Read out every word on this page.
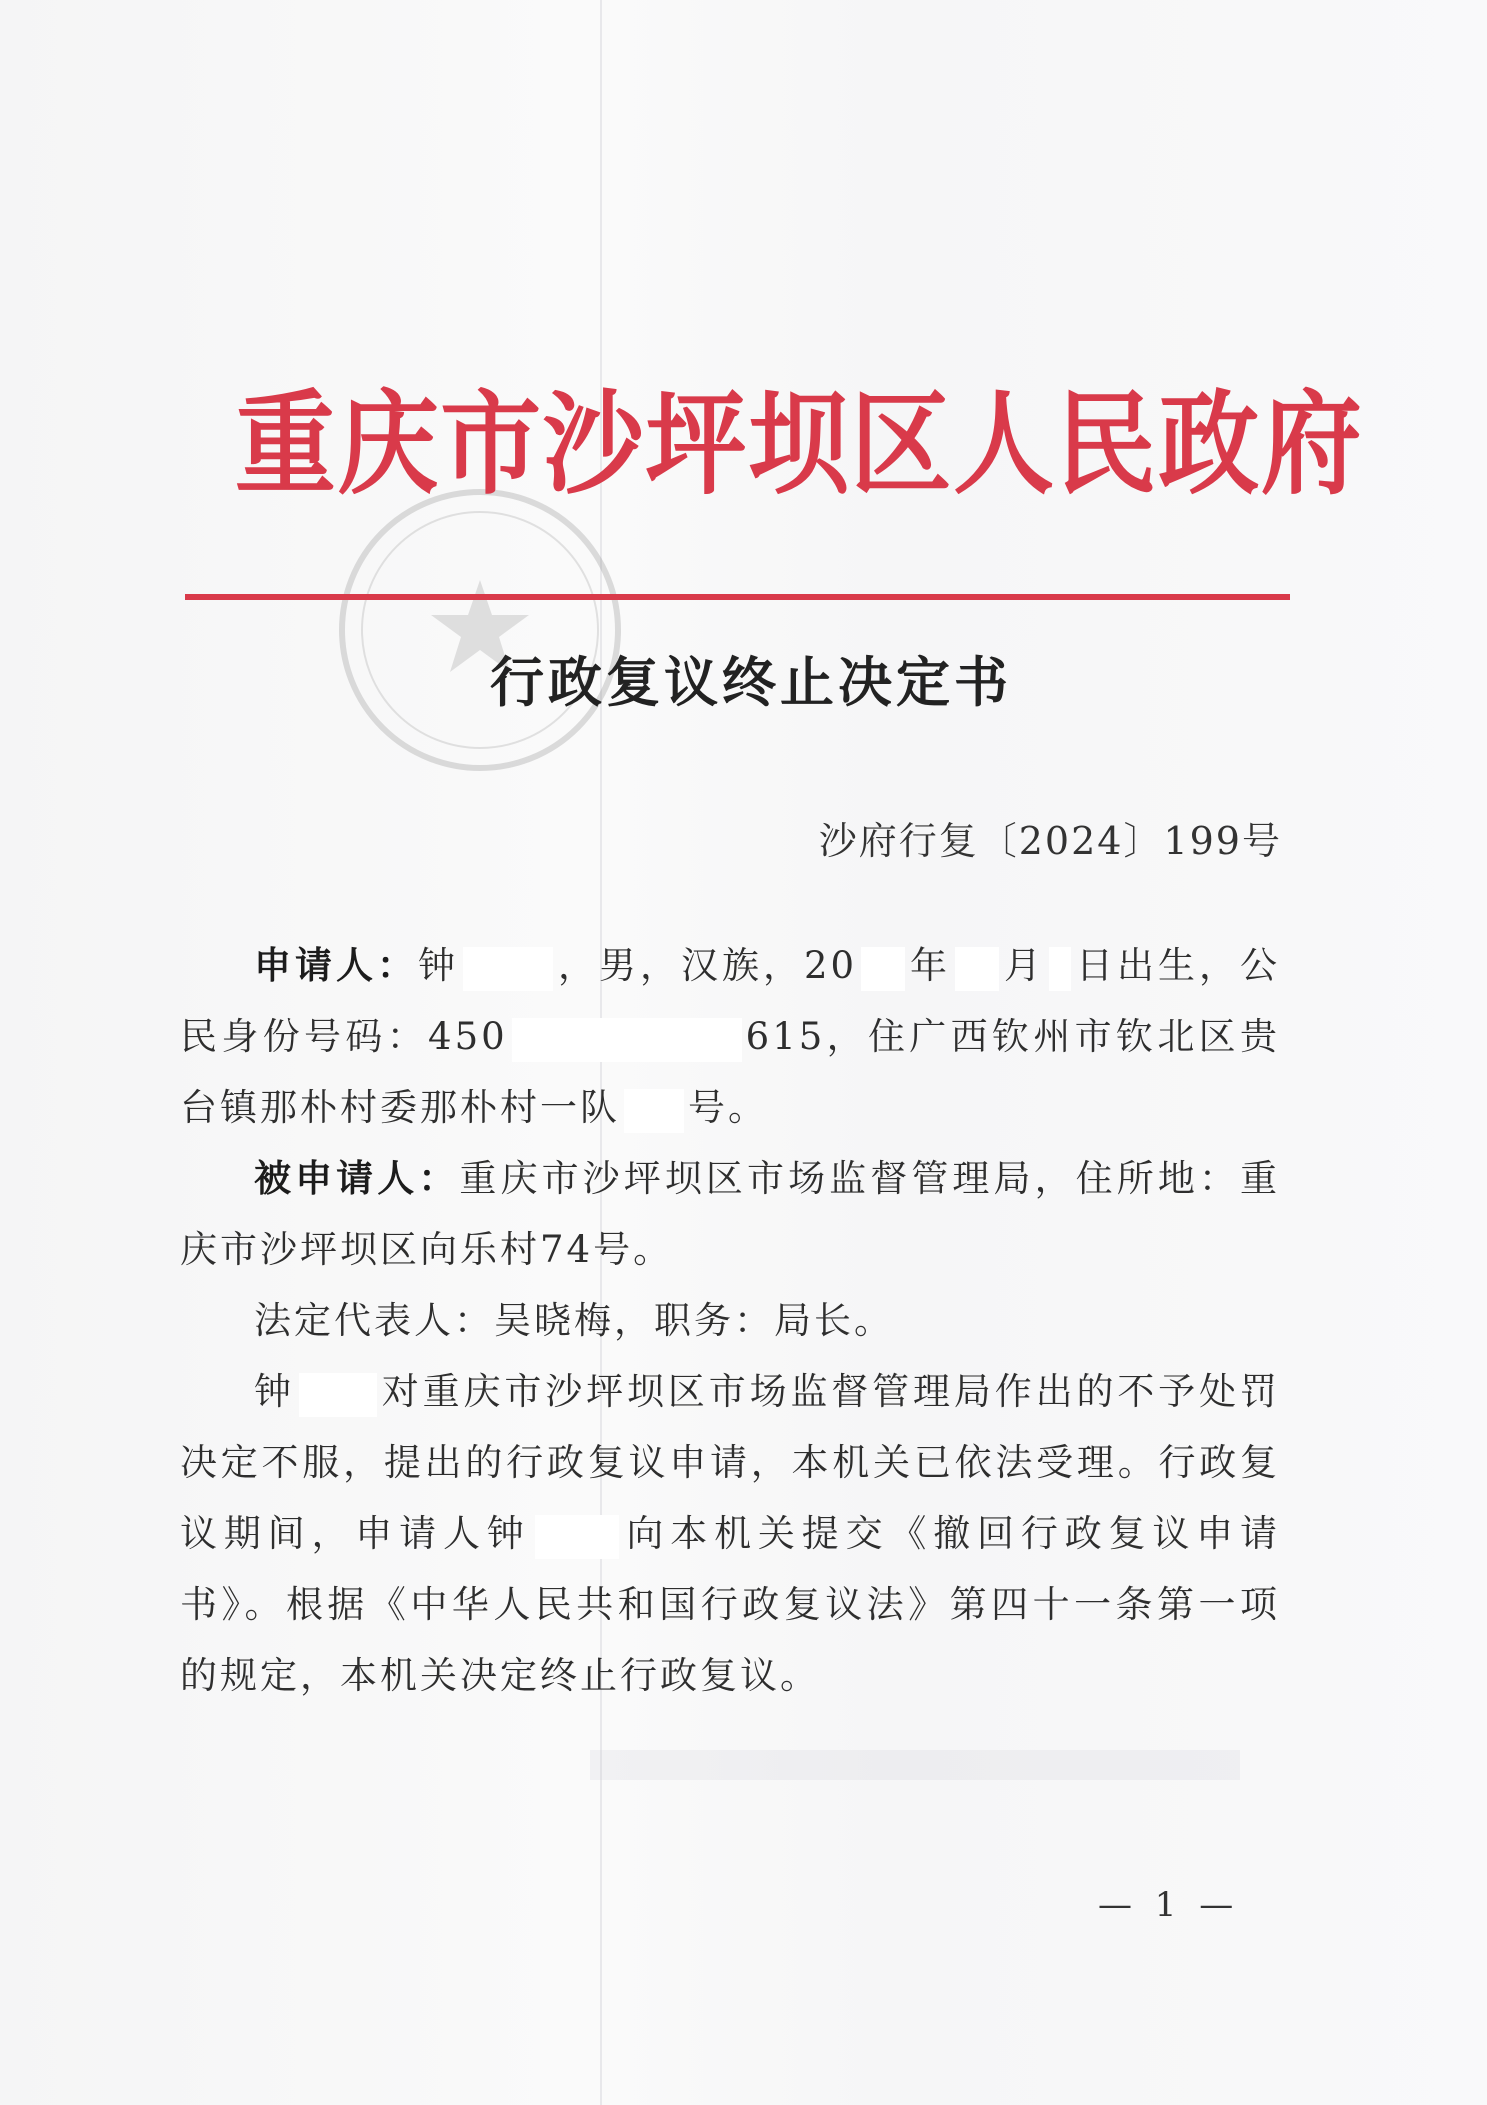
重庆市沙坪坝区人民政府
行政复议终止决定书
沙府行复〔2024〕199号

申请人：钟	，男，汉族，20 年 月 日出生，公民身份号码：450	615，住广西钦州市钦北区贵台镇那朴村委那朴村一队 号。

被申请人：重庆市沙坪坝区市场监督管理局，住所地：重庆市沙坪坝区向乐村74号。

法定代表人：吴晓梅，职务：局长。

钟 对重庆市沙坪坝区市场监督管理局作出的不予处罚决定不服，提出的行政复议申请，本机关已依法受理。行政复议期间，申请人钟 向本机关提交《撤回行政复议申请书》。根据《中华人民共和国行政复议法》第四十一条第一项的规定，本机关决定终止行政复议。

— 1 —
